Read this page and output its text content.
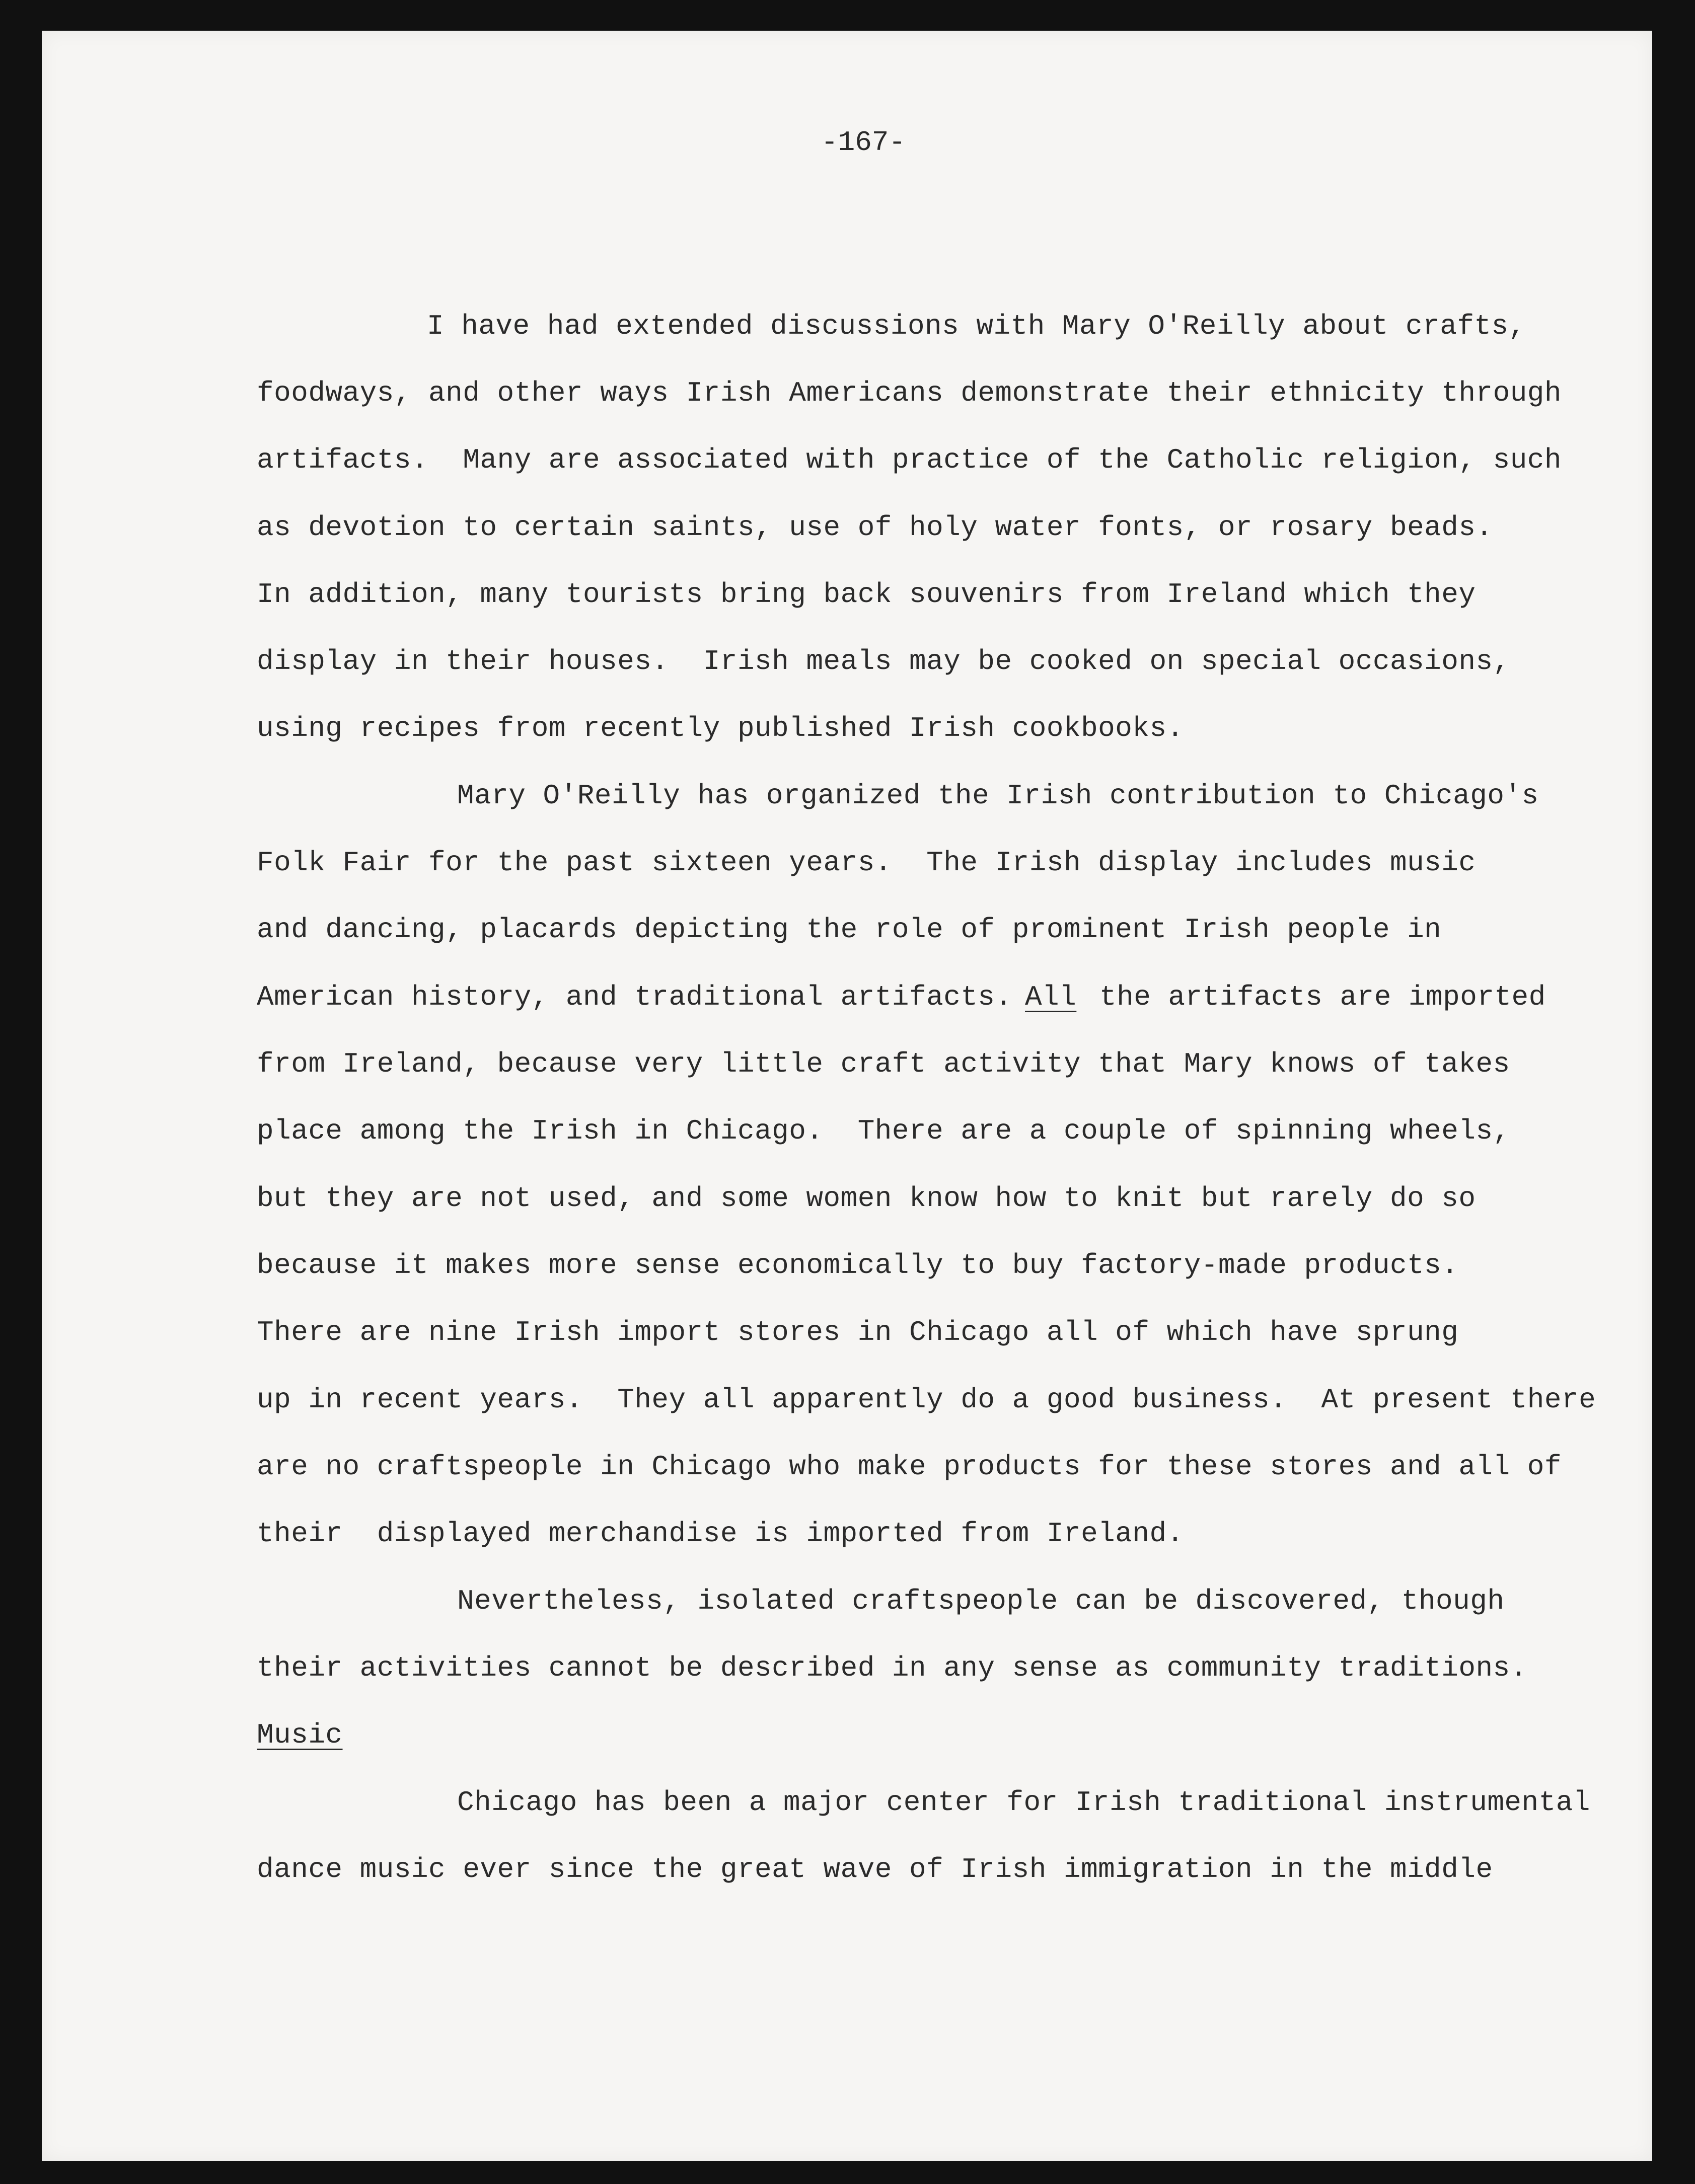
-167-
I have had extended discussions with Mary O'Reilly about crafts,
foodways, and other ways Irish Americans demonstrate their ethnicity through
artifacts.  Many are associated with practice of the Catholic religion, such
as devotion to certain saints, use of holy water fonts, or rosary beads.
In addition, many tourists bring back souvenirs from Ireland which they
display in their houses.  Irish meals may be cooked on special occasions,
using recipes from recently published Irish cookbooks.
Mary O'Reilly has organized the Irish contribution to Chicago's
Folk Fair for the past sixteen years.  The Irish display includes music
and dancing, placards depicting the role of prominent Irish people in
American history, and traditional artifacts. All the artifacts are imported
from Ireland, because very little craft activity that Mary knows of takes
place among the Irish in Chicago.  There are a couple of spinning wheels,
but they are not used, and some women know how to knit but rarely do so
because it makes more sense economically to buy factory-made products.
There are nine Irish import stores in Chicago all of which have sprung
up in recent years.  They all apparently do a good business.  At present there
are no craftspeople in Chicago who make products for these stores and all of
their  displayed merchandise is imported from Ireland.
Nevertheless, isolated craftspeople can be discovered, though
their activities cannot be described in any sense as community traditions.
Music
Chicago has been a major center for Irish traditional instrumental
dance music ever since the great wave of Irish immigration in the middle
